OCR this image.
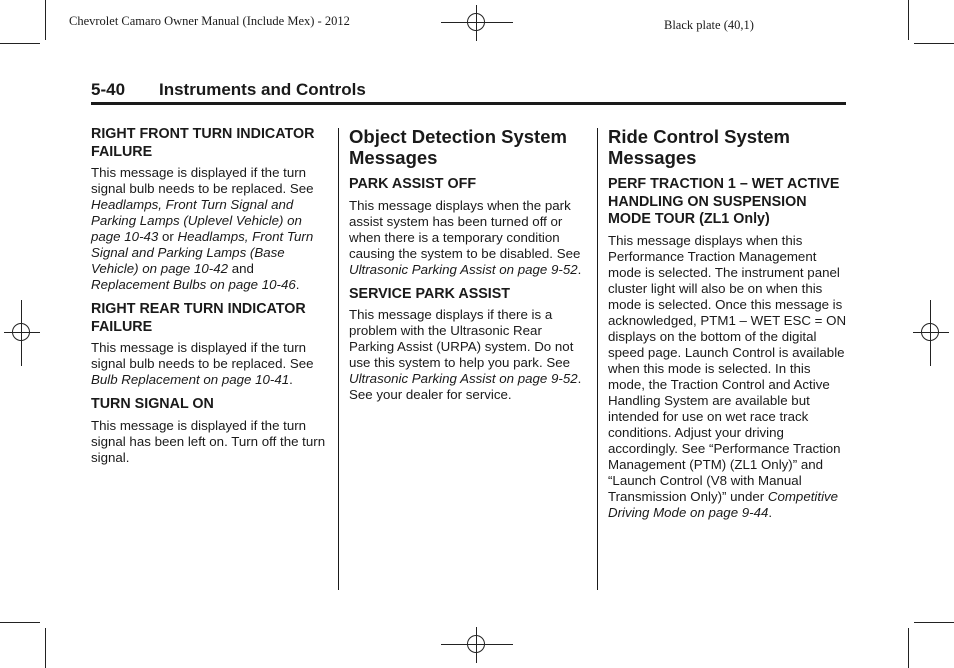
Chevrolet Camaro Owner Manual (Include Mex) - 2012	Black plate (40,1)
5-40 Instruments and Controls
RIGHT FRONT TURN INDICATOR FAILURE

This message is displayed if the turn signal bulb needs to be replaced. See Headlamps, Front Turn Signal and Parking Lamps (Uplevel Vehicle) on page 10-43 or Headlamps, Front Turn Signal and Parking Lamps (Base Vehicle) on page 10-42 and Replacement Bulbs on page 10-46.

RIGHT REAR TURN INDICATOR FAILURE

This message is displayed if the turn signal bulb needs to be replaced. See Bulb Replacement on page 10-41.

TURN SIGNAL ON

This message is displayed if the turn signal has been left on. Turn off the turn signal.

Object Detection System Messages
PARK ASSIST OFF

This message displays when the park assist system has been turned off or when there is a temporary condition causing the system to be disabled. See Ultrasonic Parking Assist on page 9-52.

SERVICE PARK ASSIST

This message displays if there is a problem with the Ultrasonic Rear Parking Assist (URPA) system. Do not use this system to help you park. See Ultrasonic Parking Assist on page 9-52. See your dealer for service.

Ride Control System Messages
PERF TRACTION 1 – WET ACTIVE HANDLING ON SUSPENSION MODE TOUR (ZL1 Only)

This message displays when this Performance Traction Management mode is selected. The instrument panel cluster light will also be on when this mode is selected. Once this message is acknowledged, PTM1 – WET ESC = ON displays on the bottom of the digital speed page. Launch Control is available when this mode is selected. In this mode, the Traction Control and Active Handling System are available but intended for use on wet race track conditions. Adjust your driving accordingly. See “Performance Traction Management (PTM) (ZL1 Only)” and “Launch Control (V8 with Manual Transmission Only)” under Competitive Driving Mode on page 9-44.
